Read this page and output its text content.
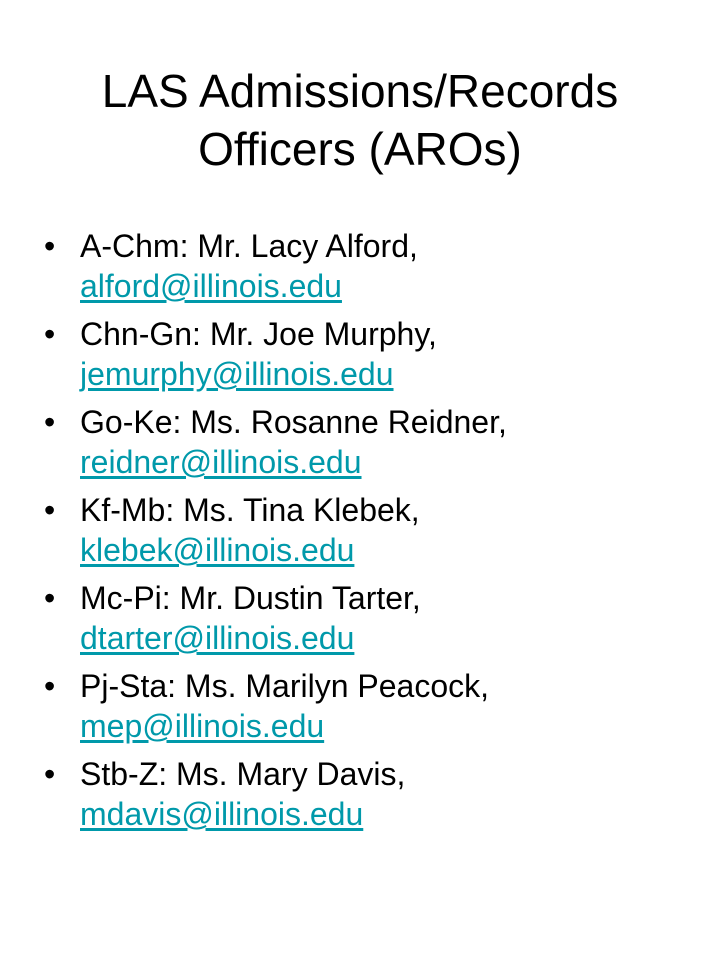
LAS Admissions/Records
Officers (AROs)
• A-Chm: Mr. Lacy Alford,
alford@illinois.edu
• Chn-Gn: Mr. Joe Murphy,
jemurphy@illinois.edu
• Go-Ke: Ms. Rosanne Reidner,
reidner@illinois.edu
• Kf-Mb: Ms. Tina Klebek,
klebek@illinois.edu
• Mc-Pi: Mr. Dustin Tarter,
dtarter@illinois.edu
• Pj-Sta: Ms. Marilyn Peacock,
mep@illinois.edu
• Stb-Z: Ms. Mary Davis,
mdavis@illinois.edu
